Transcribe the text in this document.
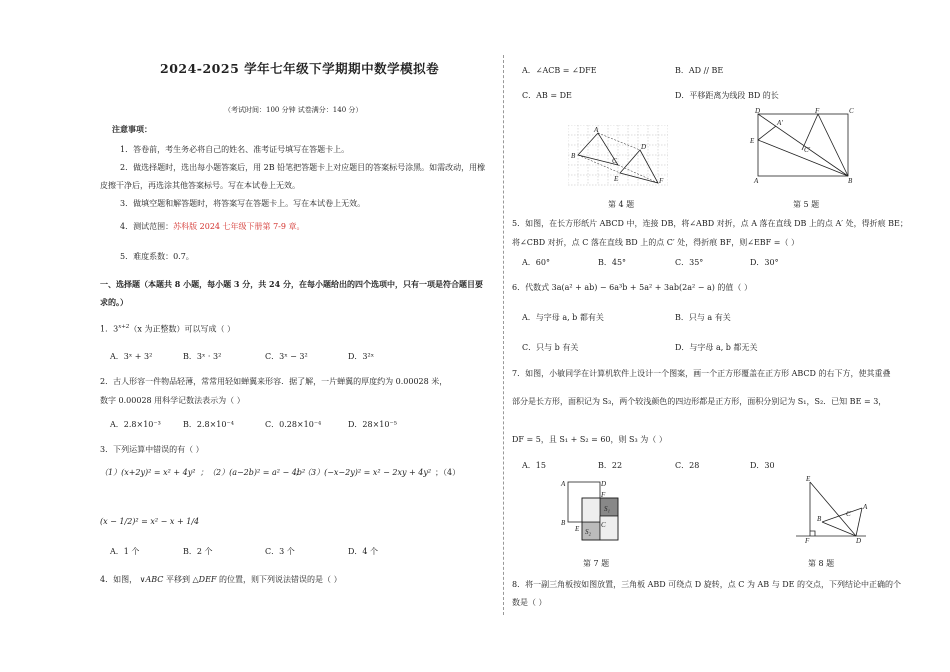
2024-2025 学年七年级下学期期中数学模拟卷
（考试时间：100 分钟 试卷满分：140 分）
注意事项：
1．答卷前，考生务必将自己的姓名、准考证号填写在答题卡上。
2．做选择题时，选出每小题答案后，用 2B 铅笔把答题卡上对应题目的答案标号涂黑。如需改动，用橡
皮擦干净后，再选涂其他答案标号。写在本试卷上无效。
3．做填空题和解答题时，将答案写在答题卡上。写在本试卷上无效。
4．测试范围：苏科版 2024 七年级下册第 7-9 章。
5．难度系数：0.7。
一、选择题（本题共 8 小题，每小题 3 分，共 24 分，在每小题给出的四个选项中，只有一项是符合题目要
求的。）
1．$3^{x+2}(x$ 为正整数）可以写成（ ）
A．3ˣ + 3²	B．3ˣ · 3²	C．3ˣ − 3²	D．3²ˣ
2．古人形容一件物品轻薄，常常用轻如蝉翼来形容．据了解，一片蝉翼的厚度约为 0.00028 米，
数字 0.00028 用科学记数法表示为（ ）
A．2.8×10⁻³	B．2.8×10⁻⁴	C．0.28×10⁻⁴	D．28×10⁻⁵
3．下列运算中错误的有（ ）
（1）(x+2y)² = x² + 4y² ；（2）(a−2b)² = a² − 4b²
；（3）(−x−2y)² = x² − 2xy + 4y² ；（4）
(x − 1/2)² = x² − x + 1/4
A．1 个	B．2 个	C．3 个	D．4 个
4．如图， ∨ABC 平移到 △DEF 的位置，则下列说法错误的是（ ）
A．∠ACB = ∠DFE	B．AD // BE
C．AB = DE	D．平移距离为线段 BD 的长
A
B
C
D
E	F
第 4 题
D	F	C
A′
E
C′
A	B
第 5 题
5．如图，在长方形纸片 ABCD 中，连接 DB，将∠ABD 对折，点 A 落在直线 DB 上的点 A′ 处，得折痕 BE；
将∠CBD 对折，点 C 落在直线 BD 上的点 C′ 处，得折痕 BF，则∠EBF =（ ）
A．60°	B．45°	C．35°	D．30°
6．代数式 3a(a² + ab) − 6a³b + 5a² + 3ab(2a² − a) 的值（ ）
A．与字母 a, b 都有关	B．只与 a 有关
C．只与 b 有关	D．与字母 a, b 都无关
7．如图，小敏同学在计算机软件上设计一个图案，画一个正方形覆盖在正方形 ABCD 的右下方，使其重叠
部分是长方形，面积记为 S₃，两个较浅颜色的四边形都是正方形，面积分别记为 S₁，S₂．已知 BE = 3，
DF = 5，且 S₁ + S₂ = 60，则 S₃ 为（ ）
A．15	B．22	C．28	D．30
A	D
F
B
E	C
S₁
S₂
第 7 题
E
A
B
C
F	D
第 8 题
8．将一副三角板按如图放置，三角板 ABD 可绕点 D 旋转，点 C 为 AB 与 DE 的交点，下列结论中正确的个
数是（ ）
